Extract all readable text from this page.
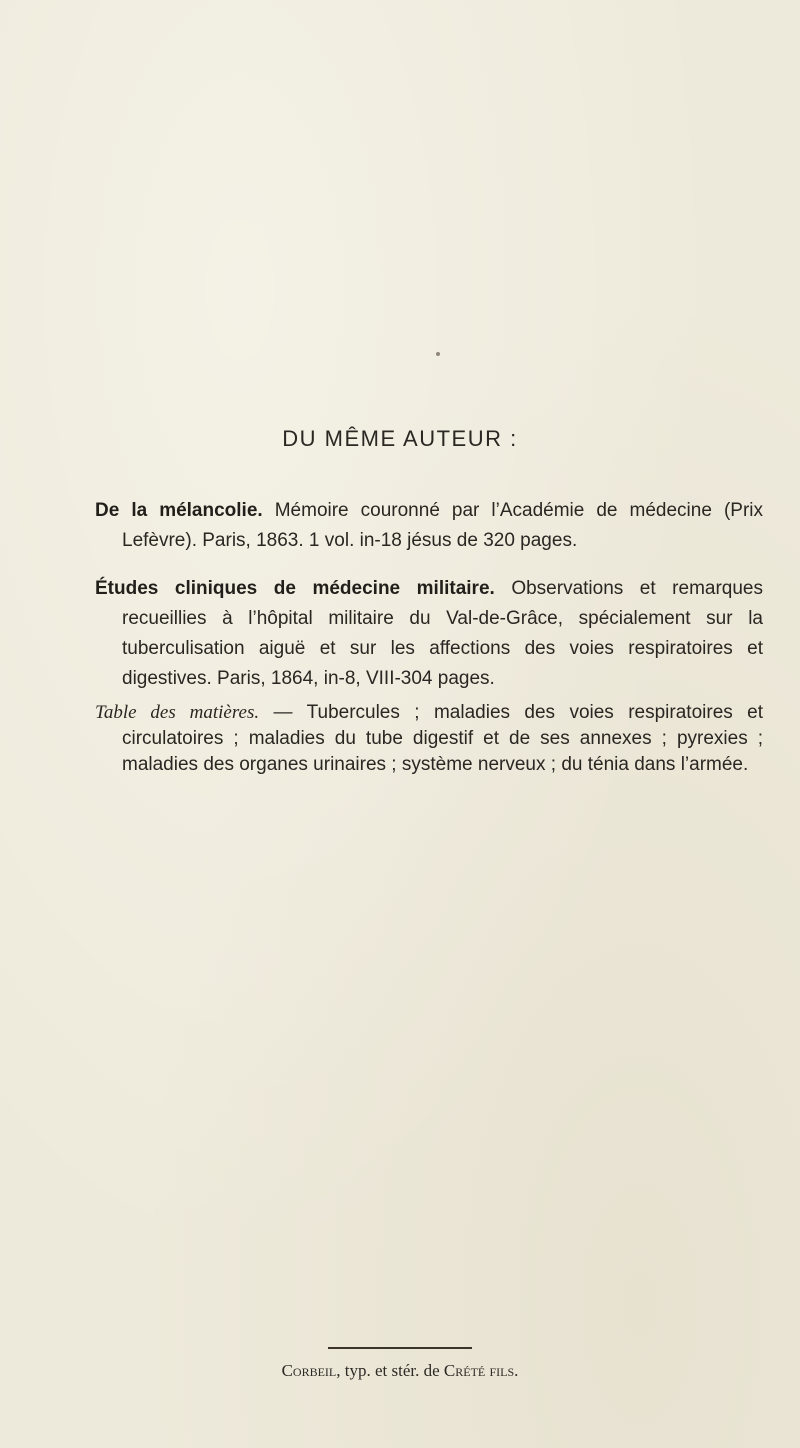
DU MÊME AUTEUR :

De la mélancolie. Mémoire couronné par l’Académie de médecine (Prix Lefèvre). Paris, 1863. 1 vol. in-18 jésus de 320 pages.

Études cliniques de médecine militaire. Observations et remarques recueillies à l’hôpital militaire du Val-de-Grâce, spécialement sur la tuberculisation aiguë et sur les affections des voies respiratoires et digestives. Paris, 1864, in-8, VIII-304 pages.

Table des matières. — Tubercules ; maladies des voies respiratoires et circulatoires ; maladies du tube digestif et de ses annexes ; pyrexies ; maladies des organes urinaires ; système nerveux ; du ténia dans l’armée.

Corbeil, typ. et stér. de Crété fils.
